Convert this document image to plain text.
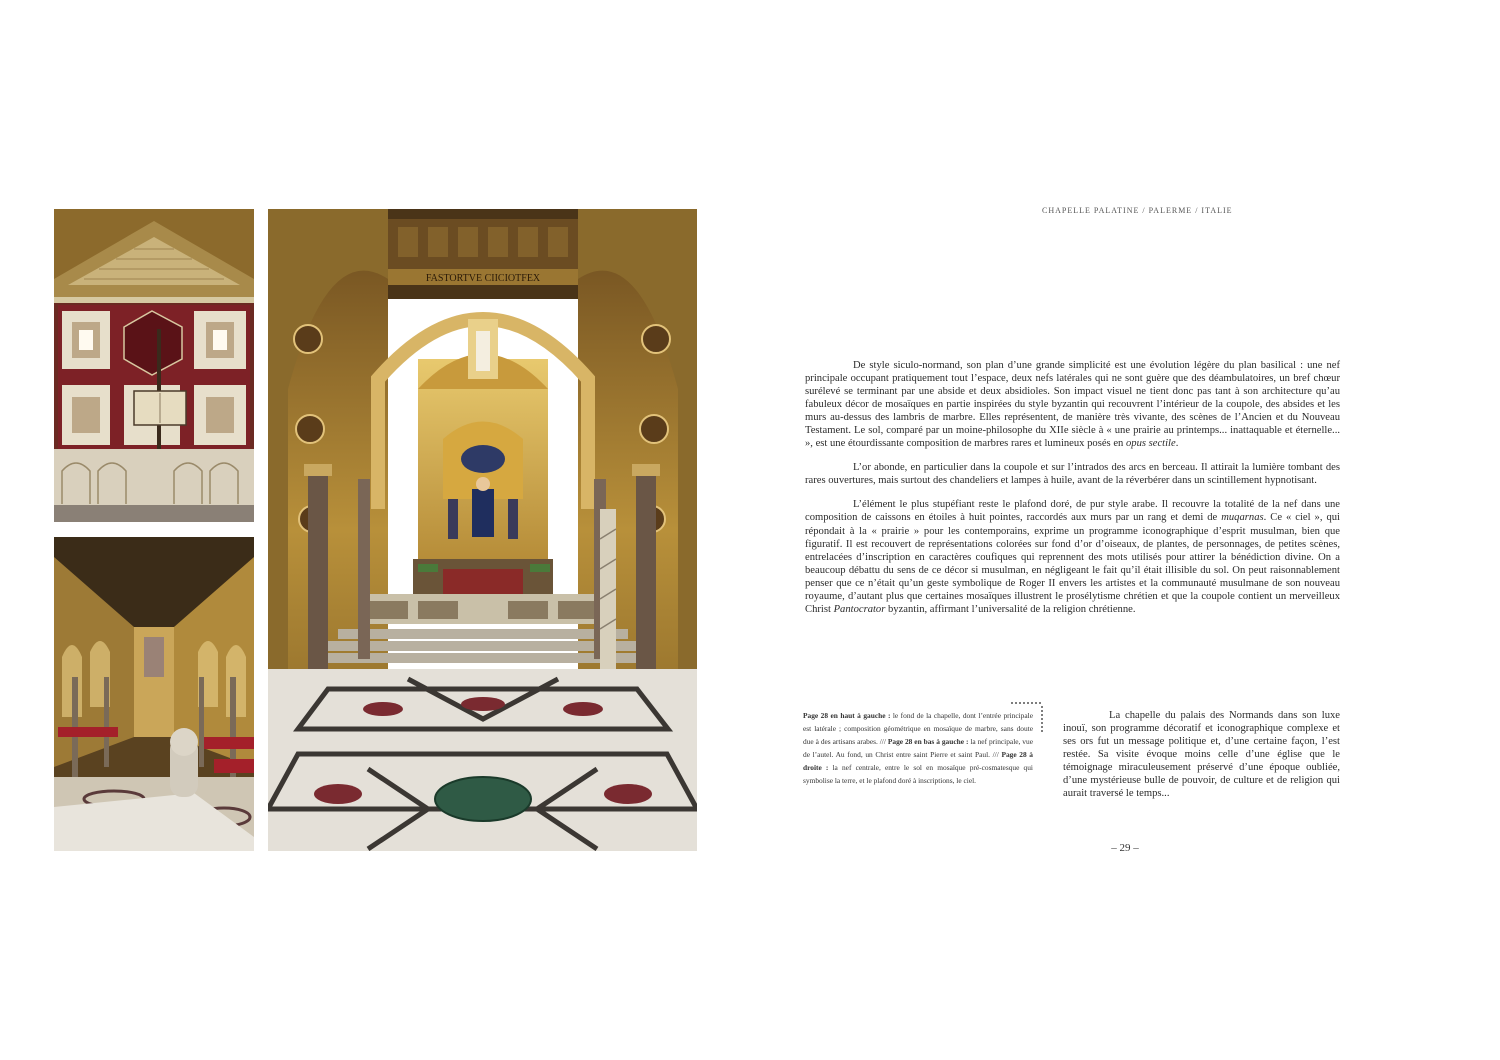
FASTORTVE CIICIOTFEX
CHAPELLE PALATINE / PALERME / ITALIE

De style siculo-normand, son plan d’une grande simplicité est une évolution légère du plan basilical : une nef principale occupant pratiquement tout l’espace, deux nefs latérales qui ne sont guère que des déambulatoires, un bref chœur surélevé se terminant par une abside et deux absidioles. Son impact visuel ne tient donc pas tant à son architecture qu’au fabuleux décor de mosaïques en partie inspirées du style byzantin qui recouvrent l’intérieur de la coupole, des absides et les murs au-dessus des lambris de marbre. Elles représentent, de manière très vivante, des scènes de l’Ancien et du Nouveau Testament. Le sol, comparé par un moine-philosophe du XIIe siècle à « une prairie au printemps... inattaquable et éternelle... », est une étourdissante composition de marbres rares et lumineux posés en opus sectile.

L’or abonde, en particulier dans la coupole et sur l’intrados des arcs en berceau. Il attirait la lumière tombant des rares ouvertures, mais surtout des chandeliers et lampes à huile, avant de la réverbérer dans un scintillement hypnotisant.

L’élément le plus stupéfiant reste le plafond doré, de pur style arabe. Il recouvre la totalité de la nef dans une composition de caissons en étoiles à huit pointes, raccordés aux murs par un rang et demi de muqarnas. Ce « ciel », qui répondait à la « prairie » pour les contemporains, exprime un programme iconographique d’esprit musulman, bien que figuratif. Il est recouvert de représentations colorées sur fond d’or d’oiseaux, de plantes, de personnages, de petites scènes, entrelacées d’inscription en caractères coufiques qui reprennent des mots utilisés pour attirer la bénédiction divine. On a beaucoup débattu du sens de ce décor si musulman, en négligeant le fait qu’il était illisible du sol. On peut raisonnablement penser que ce n’était qu’un geste symbolique de Roger II envers les artistes et la communauté musulmane de son nouveau royaume, d’autant plus que certaines mosaïques illustrent le prosélytisme chrétien et que la coupole contient un merveilleux Christ Pantocrator byzantin, affirmant l’universalité de la religion chrétienne.

Page 28 en haut à gauche : le fond de la chapelle, dont l’entrée principale est latérale ; composition géométrique en mosaïque de marbre, sans doute due à des artisans arabes. /// Page 28 en bas à gauche : la nef principale, vue de l’autel. Au fond, un Christ entre saint Pierre et saint Paul. /// Page 28 à droite : la nef centrale, entre le sol en mosaïque pré-cosmatesque qui symbolise la terre, et le plafond doré à inscriptions, le ciel.

La chapelle du palais des Normands dans son luxe inouï, son programme décoratif et iconographique complexe et ses ors fut un message politique et, d’une certaine façon, l’est restée. Sa visite évoque moins celle d’une église que le témoignage miraculeusement préservé d’une époque oubliée, d’une mystérieuse bulle de pouvoir, de culture et de religion qui aurait traversé le temps...

– 29 –
